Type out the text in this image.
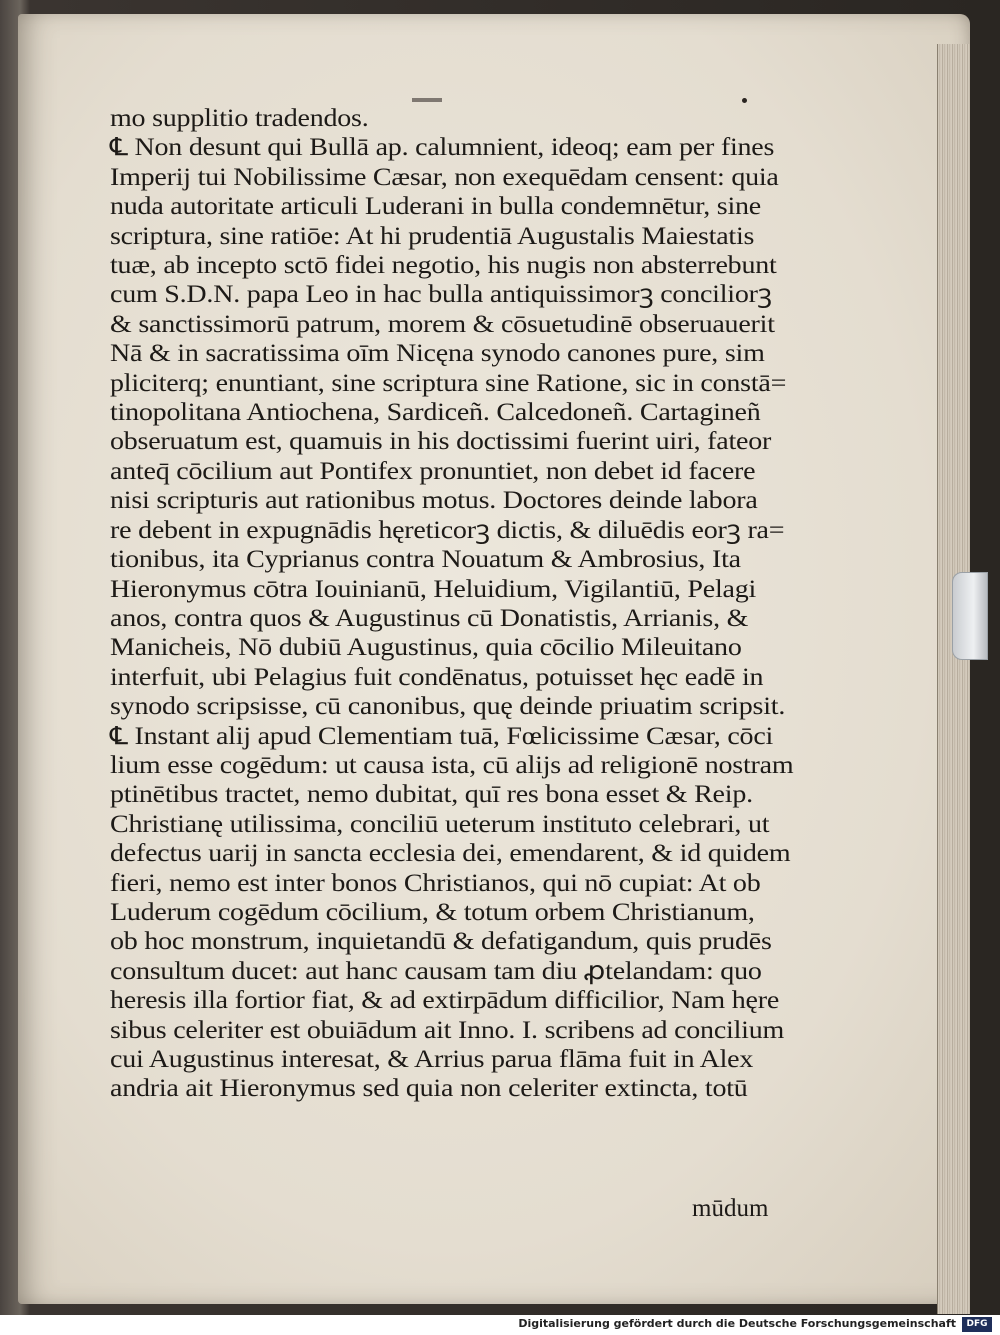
mo supplitio tradendos.
℄ Non desunt qui Bullā ap. calumnient, ideoq; eam per fines
Imperij tui Nobilissime Cæsar, non exequēdam censent: quia
nuda autoritate articuli Luderani in bulla condemnētur, sine
scriptura, sine ratiōe: At hi prudentiā Augustalis Maiestatis
tuæ, ab incepto sctō fidei negotio, his nugis non absterrebunt
cum S.D.N. papa Leo in hac bulla antiquissimorꝫ conciliorꝫ
& sanctissimorū patrum, morem & cōsuetudinē obseruauerit
Nā & in sacratissima oīm Nicęna synodo canones pure, sim
pliciterq; enuntiant, sine scriptura sine Ratione, sic in constā=
tinopolitana Antiochena, Sardiceñ. Calcedoneñ. Cartagineñ
obseruatum est, quamuis in his doctissimi fuerint uiri, fateor
anteq̄ cōcilium aut Pontifex pronuntiet, non debet id facere
nisi scripturis aut rationibus motus. Doctores deinde labora
re debent in expugnādis hęreticorꝫ dictis, & diluēdis eorꝫ ra=
tionibus, ita Cyprianus contra Nouatum & Ambrosius, Ita
Hieronymus cōtra Iouinianū, Heluidium, Vigilantiū, Pelagi
anos, contra quos & Augustinus cū Donatistis, Arrianis, &
Manicheis, Nō dubiū Augustinus, quia cōcilio Mileuitano
interfuit, ubi Pelagius fuit condēnatus, potuisset hęc eadē in
synodo scripsisse, cū canonibus, quę deinde priuatim scripsit.
℄ Instant alij apud Clementiam tuā, Fœlicissime Cæsar, cōci
lium esse cogēdum: ut causa ista, cū alijs ad religionē nostram
ptinētibus tractet, nemo dubitat, quī res bona esset & Reip.
Christianę utilissima, conciliū ueterum instituto celebrari, ut
defectus uarij in sancta ecclesia dei, emendarent, & id quidem
fieri, nemo est inter bonos Christianos, qui nō cupiat: At ob
Luderum cogēdum cōcilium, & totum orbem Christianum,
ob hoc monstrum, inquietandū & defatigandum, quis prudēs
consultum ducet: aut hanc causam tam diu ꝓtelandam: quo
heresis illa fortior fiat, & ad extirpādum difficilior, Nam hęre
sibus celeriter est obuiādum ait Inno. I. scribens ad concilium
cui Augustinus interesat, & Arrius parua flāma fuit in Alex
andria ait Hieronymus sed quia non celeriter extincta, totū
mūdum
Digitalisierung gefördert durch die Deutsche Forschungsgemeinschaft	DFG
